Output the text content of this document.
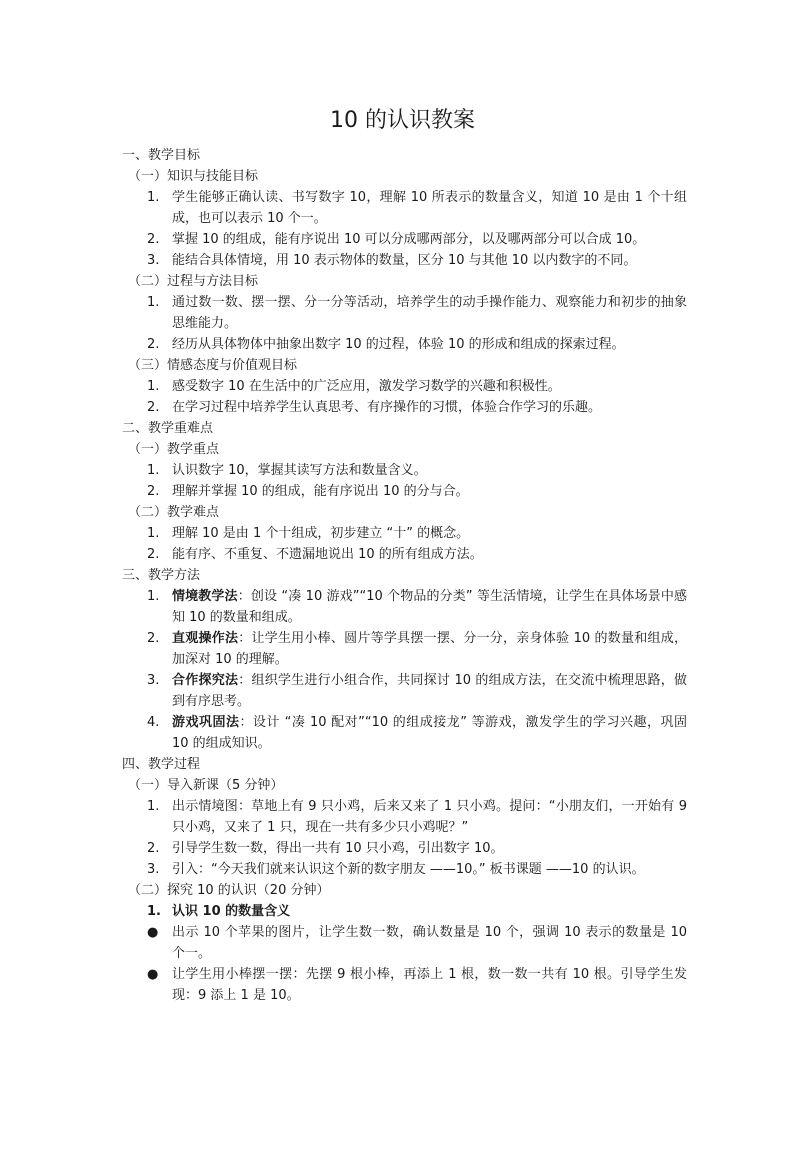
10 的认识教案

一、教学目标

（一）知识与技能目标

1. 学生能够正确认读、书写数字 10，理解 10 所表示的数量含义，知道 10 是由 1 个十组成，也可以表示 10 个一。
2. 掌握 10 的组成，能有序说出 10 可以分成哪两部分，以及哪两部分可以合成 10。
3. 能结合具体情境，用 10 表示物体的数量，区分 10 与其他 10 以内数字的不同。

（二）过程与方法目标

1. 通过数一数、摆一摆、分一分等活动，培养学生的动手操作能力、观察能力和初步的抽象思维能力。
2. 经历从具体物体中抽象出数字 10 的过程，体验 10 的形成和组成的探索过程。

（三）情感态度与价值观目标

1. 感受数字 10 在生活中的广泛应用，激发学习数学的兴趣和积极性。
2. 在学习过程中培养学生认真思考、有序操作的习惯，体验合作学习的乐趣。

二、教学重难点

（一）教学重点

1. 认识数字 10，掌握其读写方法和数量含义。
2. 理解并掌握 10 的组成，能有序说出 10 的分与合。

（二）教学难点

1. 理解 10 是由 1 个十组成，初步建立 “十” 的概念。
2. 能有序、不重复、不遗漏地说出 10 的所有组成方法。

三、教学方法

1. 情境教学法：创设 “凑 10 游戏”“10 个物品的分类” 等生活情境，让学生在具体场景中感知 10 的数量和组成。
2. 直观操作法：让学生用小棒、圆片等学具摆一摆、分一分，亲身体验 10 的数量和组成，加深对 10 的理解。
3. 合作探究法：组织学生进行小组合作，共同探讨 10 的组成方法，在交流中梳理思路，做到有序思考。
4. 游戏巩固法：设计 “凑 10 配对”“10 的组成接龙” 等游戏，激发学生的学习兴趣，巩固 10 的组成知识。

四、教学过程

（一）导入新课（5 分钟）

1. 出示情境图：草地上有 9 只小鸡，后来又来了 1 只小鸡。提问：“小朋友们，一开始有 9 只小鸡，又来了 1 只，现在一共有多少只小鸡呢？”
2. 引导学生数一数，得出一共有 10 只小鸡，引出数字 10。
3. 引入：“今天我们就来认识这个新的数字朋友 ——10。” 板书课题 ——10 的认识。

（二）探究 10 的认识（20 分钟）

1. 认识 10 的数量含义
● 出示 10 个苹果的图片，让学生数一数，确认数量是 10 个，强调 10 表示的数量是 10 个一。
● 让学生用小棒摆一摆：先摆 9 根小棒，再添上 1 根，数一数一共有 10 根。引导学生发现：9 添上 1 是 10。
